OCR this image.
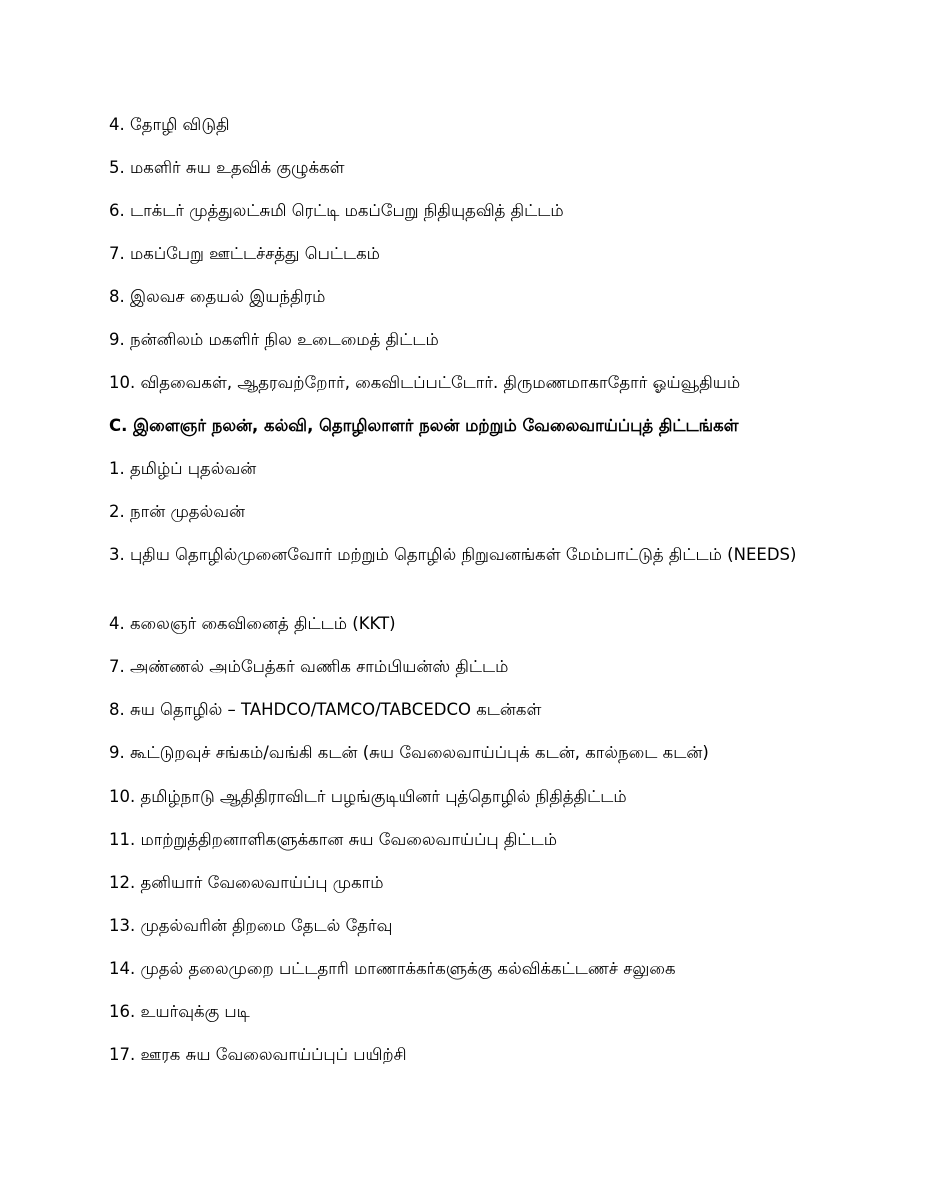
4. தோழி விடுதி
5. மகளிர் சுய உதவிக் குழுக்கள்
6. டாக்டர் முத்துலட்சுமி ரெட்டி மகப்பேறு நிதியுதவித் திட்டம்
7. மகப்பேறு ஊட்டச்சத்து பெட்டகம்
8. இலவச தையல் இயந்திரம்
9. நன்னிலம் மகளிர் நில உடைமைத் திட்டம்
10. விதவைகள், ஆதரவற்றோர், கைவிடப்பட்டோர். திருமணமாகாதோர் ஓய்வூதியம்
C. இளைஞர் நலன், கல்வி, தொழிலாளர் நலன் மற்றும் வேலைவாய்ப்புத் திட்டங்கள்
1. தமிழ்ப் புதல்வன்
2. நான் முதல்வன்
3. புதிய தொழில்முனைவோர் மற்றும் தொழில் நிறுவனங்கள் மேம்பாட்டுத் திட்டம் (NEEDS)
4. கலைஞர் கைவினைத் திட்டம் (KKT)
7. அண்ணல் அம்பேத்கர் வணிக சாம்பியன்ஸ் திட்டம்
8. சுய தொழில் – TAHDCO/TAMCO/TABCEDCO கடன்கள்
9. கூட்டுறவுச் சங்கம்/வங்கி கடன் (சுய வேலைவாய்ப்புக் கடன், கால்நடை கடன்)
10. தமிழ்நாடு ஆதிதிராவிடர் பழங்குடியினர் புத்தொழில் நிதித்திட்டம்
11. மாற்றுத்திறனாளிகளுக்கான சுய வேலைவாய்ப்பு திட்டம்
12. தனியார் வேலைவாய்ப்பு முகாம்
13. முதல்வரின் திறமை தேடல் தேர்வு
14. முதல் தலைமுறை பட்டதாரி மாணாக்கர்களுக்கு கல்விக்கட்டணச் சலுகை
16. உயர்வுக்கு படி
17. ஊரக சுய வேலைவாய்ப்புப் பயிற்சி
